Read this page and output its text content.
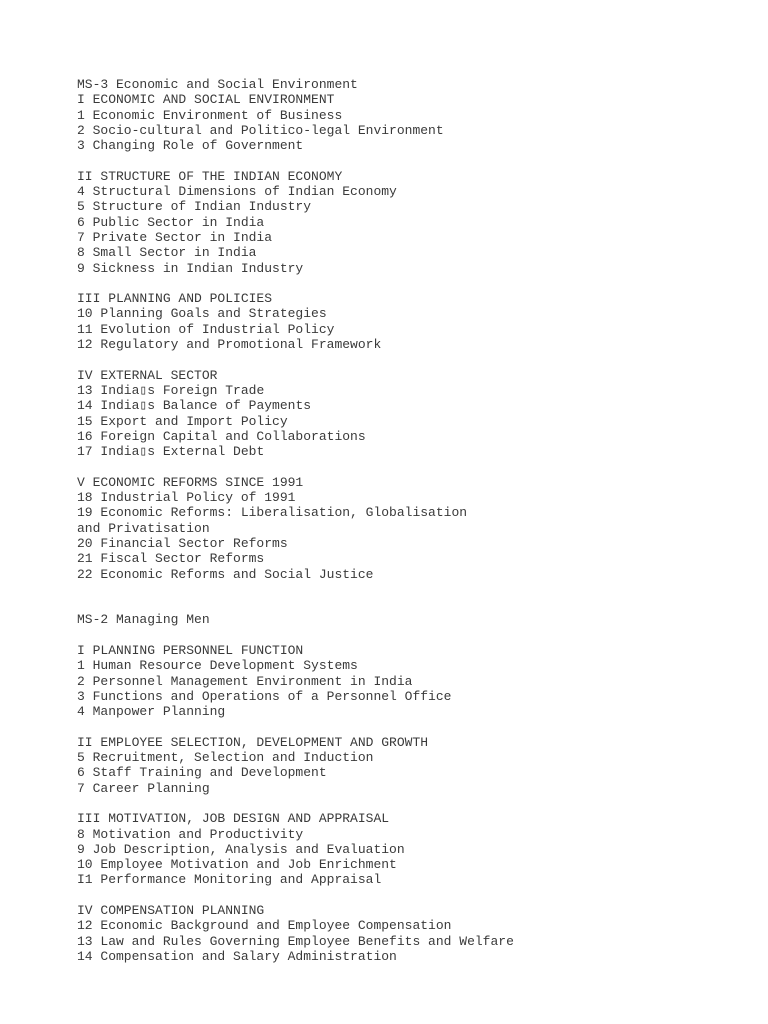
MS-3 Economic and Social Environment
I ECONOMIC AND SOCIAL ENVIRONMENT
1 Economic Environment of Business
2 Socio-cultural and Politico-legal Environment
3 Changing Role of Government
II STRUCTURE OF THE INDIAN ECONOMY
4 Structural Dimensions of Indian Economy
5 Structure of Indian Industry
6 Public Sector in India
7 Private Sector in India
8 Small Sector in India
9 Sickness in Indian Industry
III PLANNING AND POLICIES
10 Planning Goals and Strategies
11 Evolution of Industrial Policy
12 Regulatory and Promotional Framework
IV EXTERNAL SECTOR
13 India▯s Foreign Trade
14 India▯s Balance of Payments
15 Export and Import Policy
16 Foreign Capital and Collaborations
17 India▯s External Debt
V ECONOMIC REFORMS SINCE 1991
18 Industrial Policy of 1991
19 Economic Reforms: Liberalisation, Globalisation
and Privatisation
20 Financial Sector Reforms
21 Fiscal Sector Reforms
22 Economic Reforms and Social Justice
MS-2 Managing Men
I PLANNING PERSONNEL FUNCTION
1 Human Resource Development Systems
2 Personnel Management Environment in India
3 Functions and Operations of a Personnel Office
4 Manpower Planning
II EMPLOYEE SELECTION, DEVELOPMENT AND GROWTH
5 Recruitment, Selection and Induction
6 Staff Training and Development
7 Career Planning
III MOTIVATION, JOB DESIGN AND APPRAISAL
8 Motivation and Productivity
9 Job Description, Analysis and Evaluation
10 Employee Motivation and Job Enrichment
I1 Performance Monitoring and Appraisal
IV COMPENSATION PLANNING
12 Economic Background and Employee Compensation
13 Law and Rules Governing Employee Benefits and Welfare
14 Compensation and Salary Administration
